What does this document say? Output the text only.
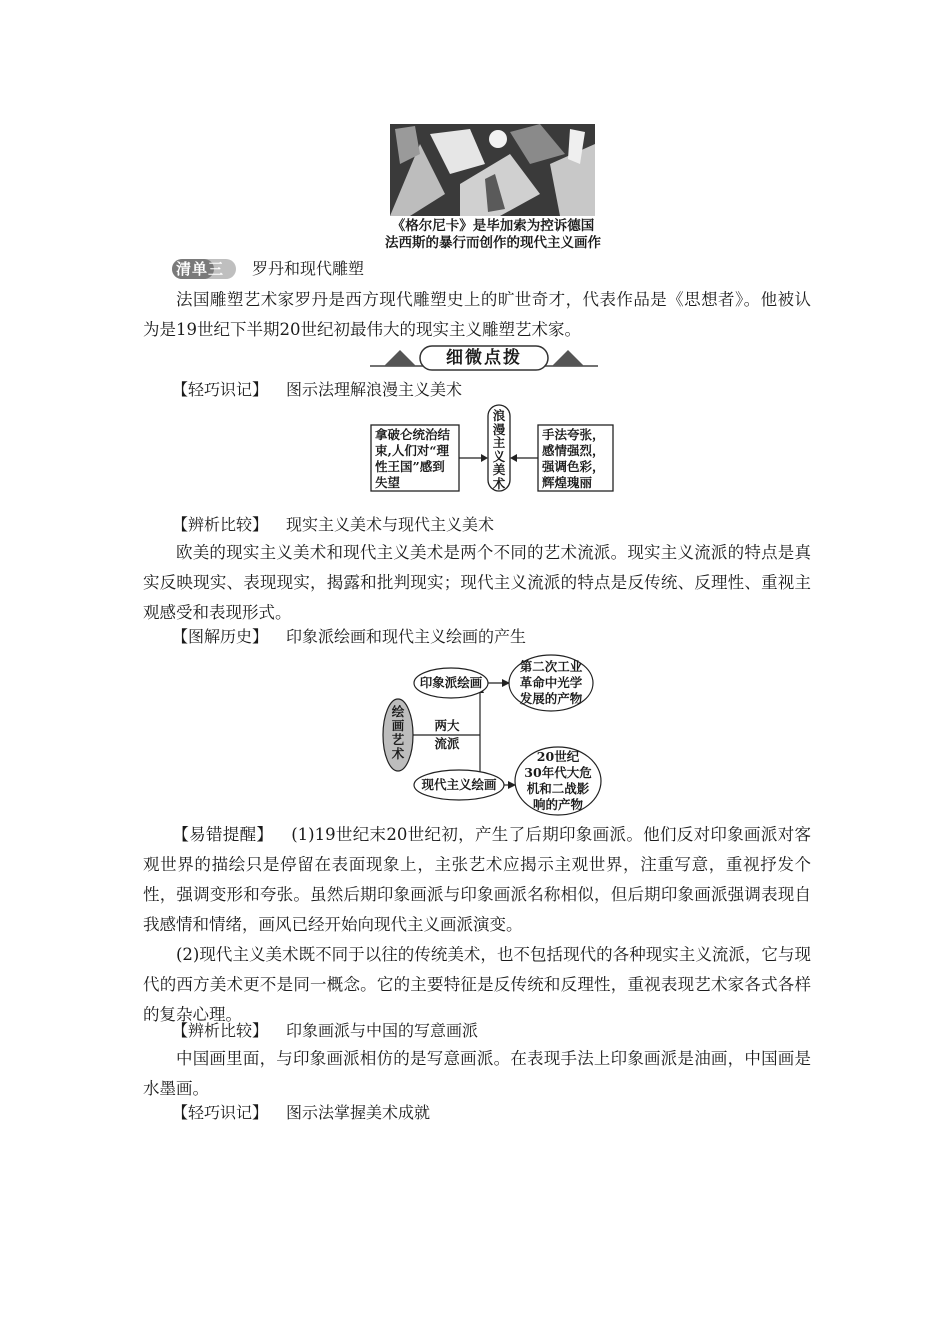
《格尔尼卡》是毕加索为控诉德国
法西斯的暴行而创作的现代主义画作
清单三 罗丹和现代雕塑
法国雕塑艺术家罗丹是西方现代雕塑史上的旷世奇才，代表作品是《思想者》。他被认为是19世纪下半期20世纪初最伟大的现实主义雕塑艺术家。
细微点拨
【轻巧识记】 图示法理解浪漫主义美术
拿破仑统治结
束,人们对“理
性王国”感到
失望
浪
漫
主
义
美
术
手法夸张，
感情强烈，
强调色彩，
辉煌瑰丽
【辨析比较】 现实主义美术与现代主义美术
欧美的现实主义美术和现代主义美术是两个不同的艺术流派。现实主义流派的特点是真实反映现实、表现现实，揭露和批判现实；现代主义流派的特点是反传统、反理性、重视主观感受和表现形式。
【图解历史】 印象派绘画和现代主义绘画的产生
绘
画
艺
术
两大
流派
印象派绘画
第二次工业
革命中光学
发展的产物
现代主义绘画
20世纪
30年代大危
机和二战影
响的产物
【易错提醒】 (1)19世纪末20世纪初，产生了后期印象画派。他们反对印象画派对客观世界的描绘只是停留在表面现象上，主张艺术应揭示主观世界，注重写意，重视抒发个性，强调变形和夸张。虽然后期印象画派与印象画派名称相似，但后期印象画派强调表现自我感情和情绪，画风已经开始向现代主义画派演变。
(2)现代主义美术既不同于以往的传统美术，也不包括现代的各种现实主义流派，它与现代的西方美术更不是同一概念。它的主要特征是反传统和反理性，重视表现艺术家各式各样的复杂心理。
【辨析比较】 印象画派与中国的写意画派
中国画里面，与印象画派相仿的是写意画派。在表现手法上印象画派是油画，中国画是水墨画。
【轻巧识记】 图示法掌握美术成就
